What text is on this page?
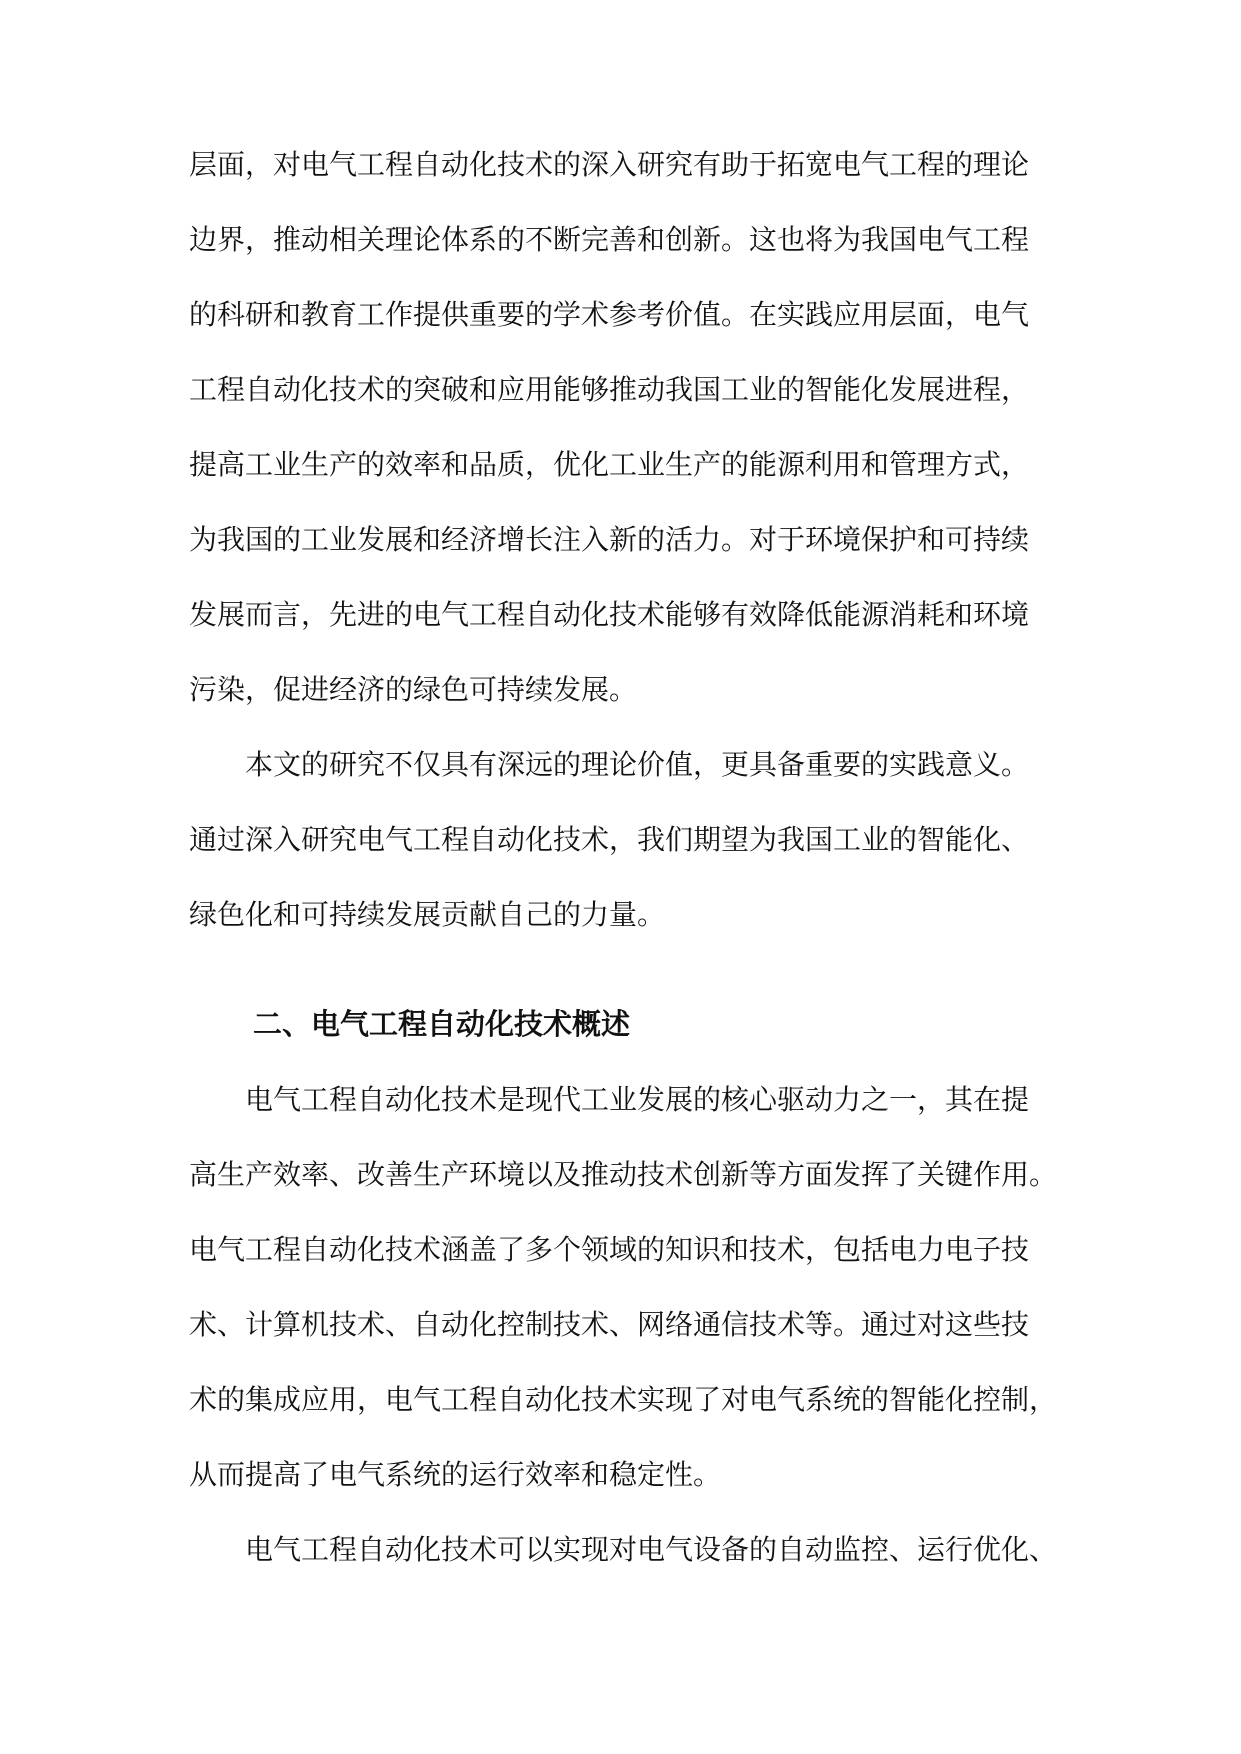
层面，对电气工程自动化技术的深入研究有助于拓宽电气工程的理论
边界，推动相关理论体系的不断完善和创新。这也将为我国电气工程
的科研和教育工作提供重要的学术参考价值。在实践应用层面，电气
工程自动化技术的突破和应用能够推动我国工业的智能化发展进程，
提高工业生产的效率和品质，优化工业生产的能源利用和管理方式，
为我国的工业发展和经济增长注入新的活力。对于环境保护和可持续
发展而言，先进的电气工程自动化技术能够有效降低能源消耗和环境
污染，促进经济的绿色可持续发展。
本文的研究不仅具有深远的理论价值，更具备重要的实践意义。
通过深入研究电气工程自动化技术，我们期望为我国工业的智能化、
绿色化和可持续发展贡献自己的力量。
二、电气工程自动化技术概述
电气工程自动化技术是现代工业发展的核心驱动力之一，其在提
高生产效率、改善生产环境以及推动技术创新等方面发挥了关键作用。
电气工程自动化技术涵盖了多个领域的知识和技术，包括电力电子技
术、计算机技术、自动化控制技术、网络通信技术等。通过对这些技
术的集成应用，电气工程自动化技术实现了对电气系统的智能化控制，
从而提高了电气系统的运行效率和稳定性。
电气工程自动化技术可以实现对电气设备的自动监控、运行优化、
